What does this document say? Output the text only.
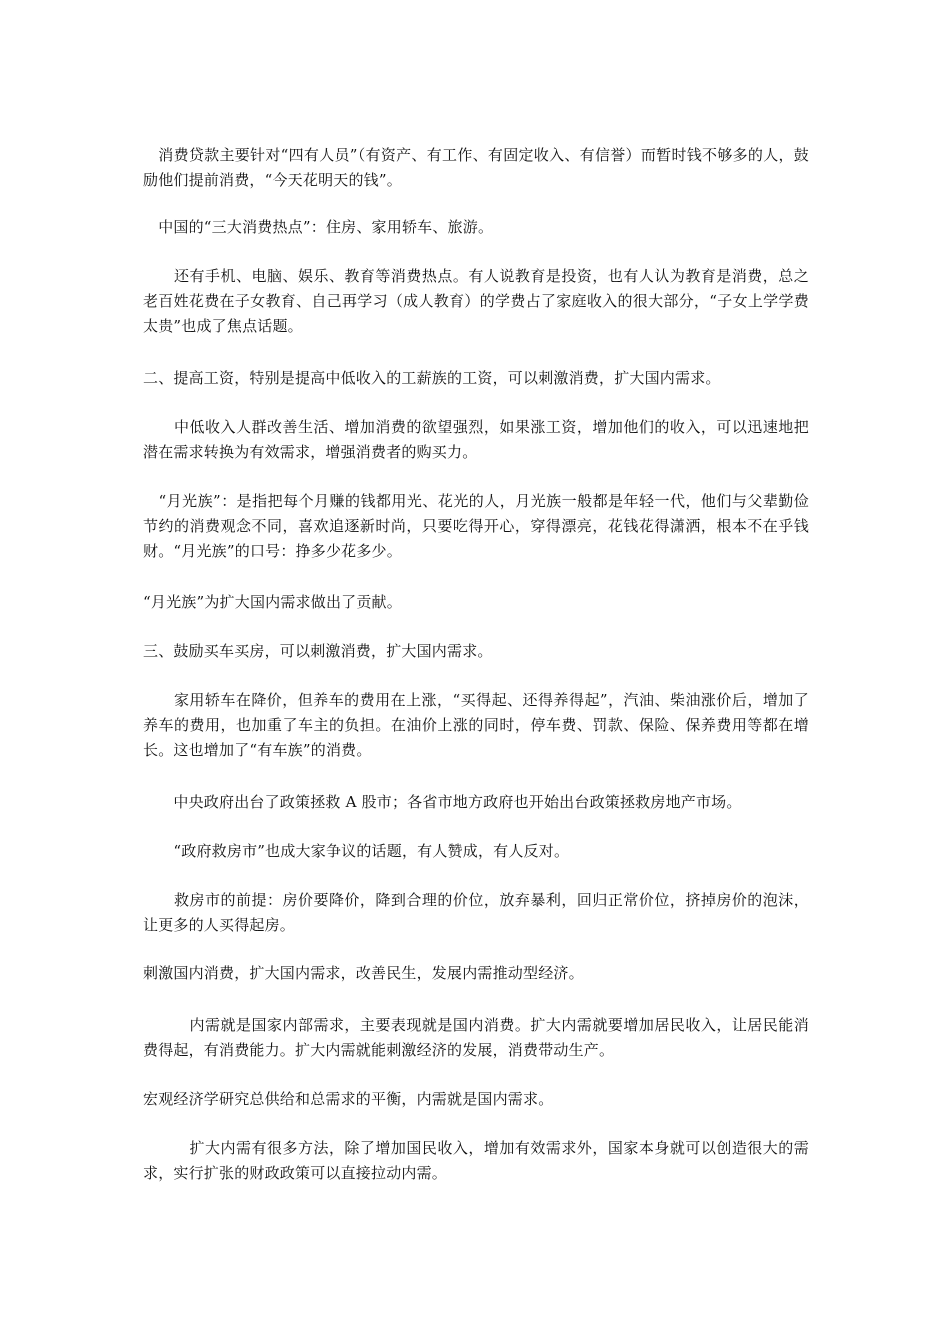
　消费贷款主要针对“四有人员”（有资产、有工作、有固定收入、有信誉）而暂时钱不够多的人，鼓励他们提前消费，“今天花明天的钱”。

　中国的“三大消费热点”：住房、家用轿车、旅游。

　　还有手机、电脑、娱乐、教育等消费热点。有人说教育是投资，也有人认为教育是消费，总之老百姓花费在子女教育、自己再学习（成人教育）的学费占了家庭收入的很大部分，“子女上学学费太贵”也成了焦点话题。

二、提高工资，特别是提高中低收入的工薪族的工资，可以刺激消费，扩大国内需求。

　　中低收入人群改善生活、增加消费的欲望强烈，如果涨工资，增加他们的收入，可以迅速地把潜在需求转换为有效需求，增强消费者的购买力。

　“月光族”：是指把每个月赚的钱都用光、花光的人，月光族一般都是年轻一代，他们与父辈勤俭节约的消费观念不同，喜欢追逐新时尚，只要吃得开心，穿得漂亮，花钱花得潇洒，根本不在乎钱财。“月光族”的口号：挣多少花多少。

“月光族”为扩大国内需求做出了贡献。

三、鼓励买车买房，可以刺激消费，扩大国内需求。

　　家用轿车在降价，但养车的费用在上涨，“买得起、还得养得起”，汽油、柴油涨价后，增加了养车的费用，也加重了车主的负担。在油价上涨的同时，停车费、罚款、保险、保养费用等都在增长。这也增加了“有车族”的消费。

　　中央政府出台了政策拯救 A 股市；各省市地方政府也开始出台政策拯救房地产市场。

　　“政府救房市”也成大家争议的话题，有人赞成，有人反对。

　　救房市的前提：房价要降价，降到合理的价位，放弃暴利，回归正常价位，挤掉房价的泡沫，让更多的人买得起房。

刺激国内消费，扩大国内需求，改善民生，发展内需推动型经济。

　　　内需就是国家内部需求，主要表现就是国内消费。扩大内需就要增加居民收入，让居民能消费得起，有消费能力。扩大内需就能刺激经济的发展，消费带动生产。

宏观经济学研究总供给和总需求的平衡，内需就是国内需求。

　　　扩大内需有很多方法，除了增加国民收入，增加有效需求外，国家本身就可以创造很大的需求，实行扩张的财政政策可以直接拉动内需。
